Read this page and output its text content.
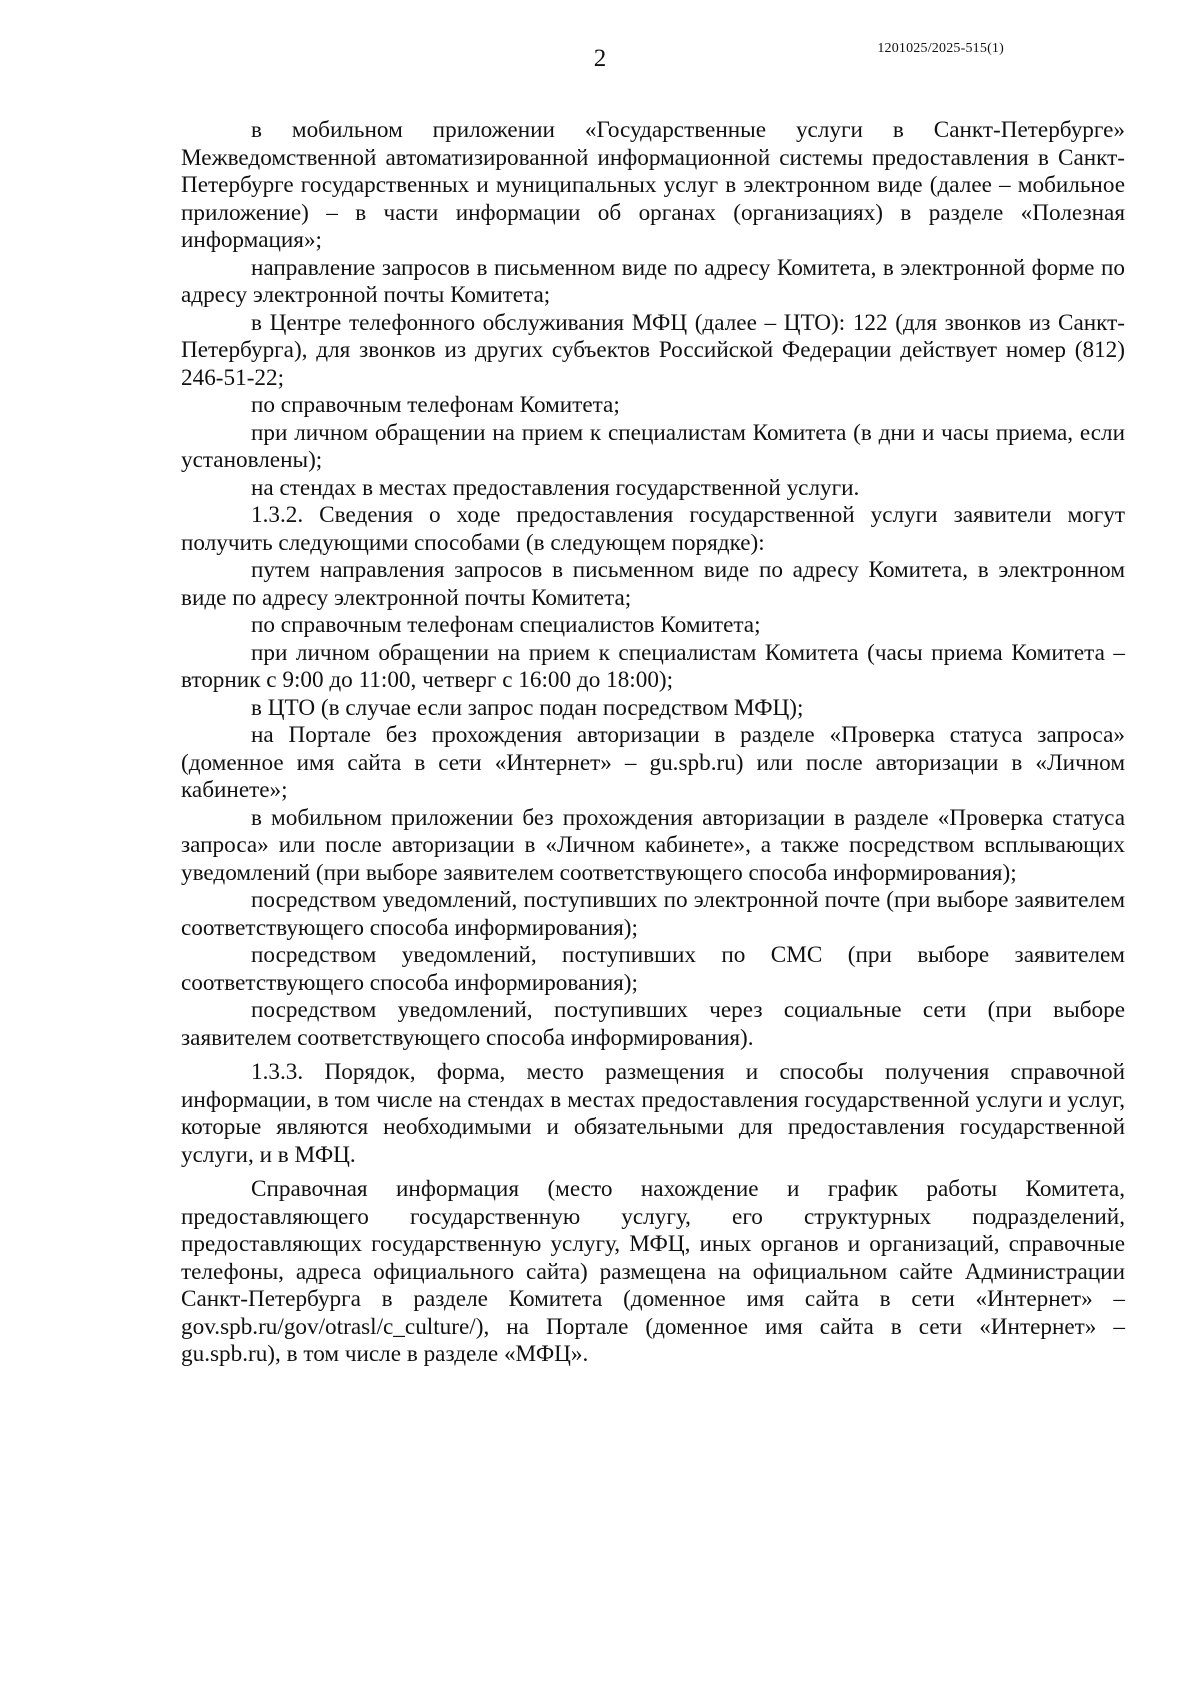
2	1201025/2025-515(1)

в мобильном приложении «Государственные услуги в Санкт-Петербурге» Межведомственной автоматизированной информационной системы предоставления в Санкт-Петербурге государственных и муниципальных услуг в электронном виде (далее – мобильное приложение) – в части информации об органах (организациях) в разделе «Полезная информация»;

направление запросов в письменном виде по адресу Комитета, в электронной форме по адресу электронной почты Комитета;

в Центре телефонного обслуживания МФЦ (далее – ЦТО): 122 (для звонков из Санкт-Петербурга), для звонков из других субъектов Российской Федерации действует номер (812) 246-51-22;

по справочным телефонам Комитета;

при личном обращении на прием к специалистам Комитета (в дни и часы приема, если установлены);

на стендах в местах предоставления государственной услуги.

1.3.2. Сведения о ходе предоставления государственной услуги заявители могут получить следующими способами (в следующем порядке):

путем направления запросов в письменном виде по адресу Комитета, в электронном виде по адресу электронной почты Комитета;

по справочным телефонам специалистов Комитета;

при личном обращении на прием к специалистам Комитета (часы приема Комитета – вторник с 9:00 до 11:00, четверг с 16:00 до 18:00);

в ЦТО (в случае если запрос подан посредством МФЦ);

на Портале без прохождения авторизации в разделе «Проверка статуса запроса» (доменное имя сайта в сети «Интернет» – gu.spb.ru) или после авторизации в «Личном кабинете»;

в мобильном приложении без прохождения авторизации в разделе «Проверка статуса запроса» или после авторизации в «Личном кабинете», а также посредством всплывающих уведомлений (при выборе заявителем соответствующего способа информирования);

посредством уведомлений, поступивших по электронной почте (при выборе заявителем соответствующего способа информирования);

посредством уведомлений, поступивших по СМС (при выборе заявителем соответствующего способа информирования);

посредством уведомлений, поступивших через социальные сети (при выборе заявителем соответствующего способа информирования).

1.3.3. Порядок, форма, место размещения и способы получения справочной информации, в том числе на стендах в местах предоставления государственной услуги и услуг, которые являются необходимыми и обязательными для предоставления государственной услуги, и в МФЦ.

Справочная информация (место нахождение и график работы Комитета, предоставляющего государственную услугу, его структурных подразделений, предоставляющих государственную услугу, МФЦ, иных органов и организаций, справочные телефоны, адреса официального сайта) размещена на официальном сайте Администрации Санкт-Петербурга в разделе Комитета (доменное имя сайта в сети «Интернет» – gov.spb.ru/gov/otrasl/c_culture/), на Портале (доменное имя сайта в сети «Интернет» – gu.spb.ru), в том числе в разделе «МФЦ».
